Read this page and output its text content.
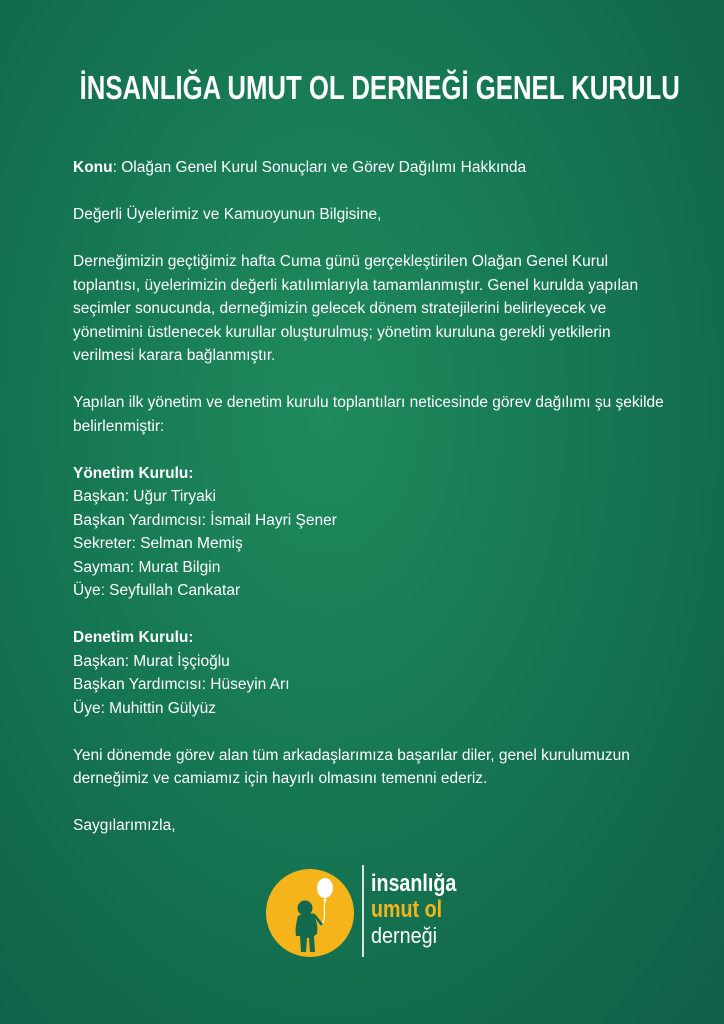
İNSANLIĞA UMUT OL DERNEĞİ GENEL KURULU

Konu: Olağan Genel Kurul Sonuçları ve Görev Dağılımı Hakkında

Değerli Üyelerimiz ve Kamuoyunun Bilgisine,

Derneğimizin geçtiğimiz hafta Cuma günü gerçekleştirilen Olağan Genel Kurul toplantısı, üyelerimizin değerli katılımlarıyla tamamlanmıştır. Genel kurulda yapılan seçimler sonucunda, derneğimizin gelecek dönem stratejilerini belirleyecek ve yönetimini üstlenecek kurullar oluşturulmuş; yönetim kuruluna gerekli yetkilerin verilmesi karara bağlanmıştır.

Yapılan ilk yönetim ve denetim kurulu toplantıları neticesinde görev dağılımı şu şekilde belirlenmiştir:

Yönetim Kurulu:

Başkan: Uğur Tiryaki

Başkan Yardımcısı: İsmail Hayri Şener

Sekreter: Selman Memiş

Sayman: Murat Bilgin

Üye: Seyfullah Cankatar

Denetim Kurulu:

Başkan: Murat İşçioğlu

Başkan Yardımcısı: Hüseyin Arı

Üye: Muhittin Gülyüz

Yeni dönemde görev alan tüm arkadaşlarımıza başarılar diler, genel kurulumuzun derneğimiz ve camiamız için hayırlı olmasını temenni ederiz.

Saygılarımızla,

insanlığa
umut ol
derneği
